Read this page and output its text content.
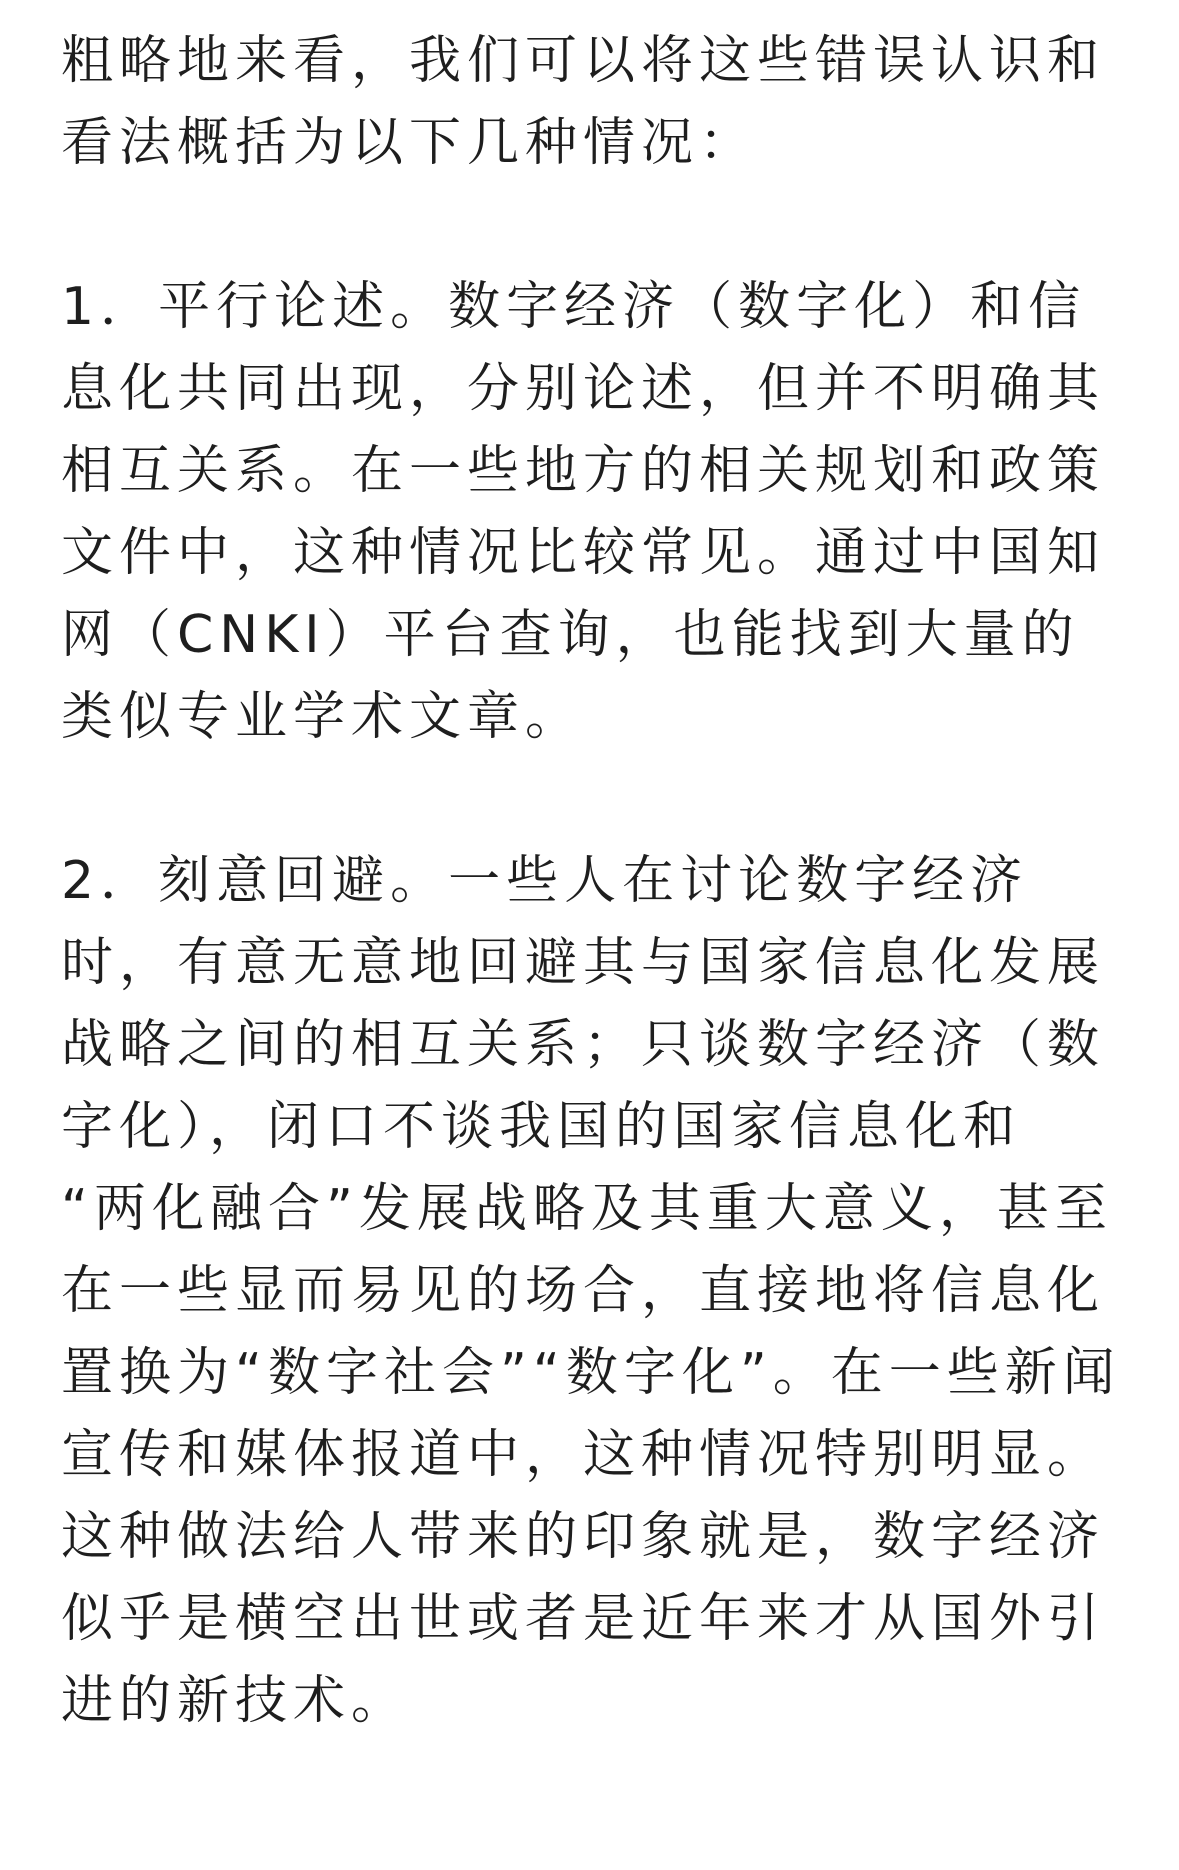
粗略地来看，我们可以将这些错误认识和
看法概括为以下几种情况：
1．平行论述。数字经济（数字化）和信
息化共同出现，分别论述，但并不明确其
相互关系。在一些地方的相关规划和政策
文件中，这种情况比较常见。通过中国知
网（CNKI）平台查询，也能找到大量的
类似专业学术文章。
2．刻意回避。一些人在讨论数字经济
时，有意无意地回避其与国家信息化发展
战略之间的相互关系；只谈数字经济（数
字化），闭口不谈我国的国家信息化和
“两化融合”发展战略及其重大意义，甚至
在一些显而易见的场合，直接地将信息化
置换为“数字社会”“数字化”。在一些新闻
宣传和媒体报道中，这种情况特别明显。
这种做法给人带来的印象就是，数字经济
似乎是横空出世或者是近年来才从国外引
进的新技术。
